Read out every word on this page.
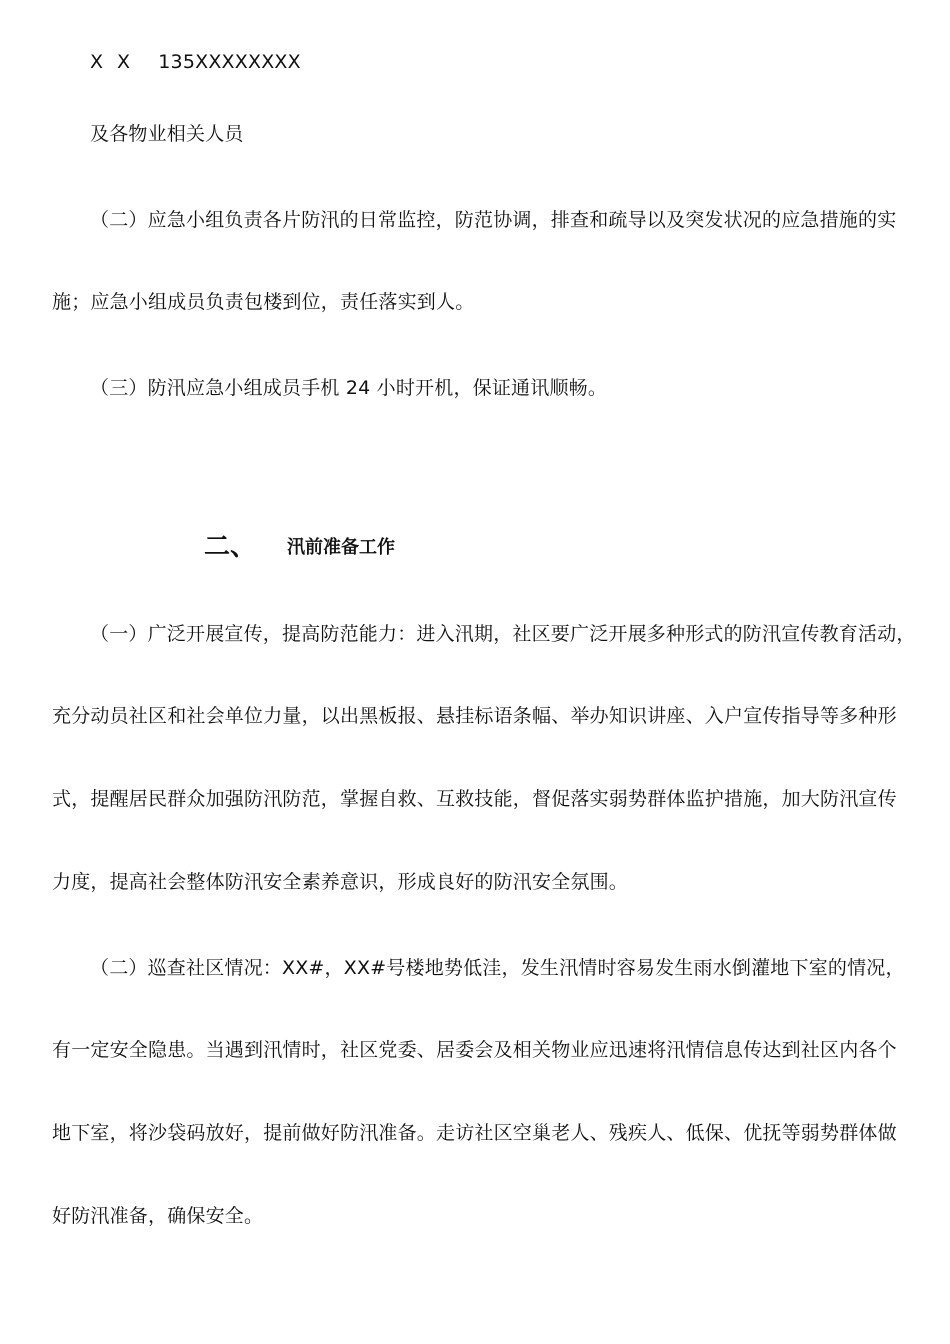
X X 135XXXXXXXX
及各物业相关人员
（二）应急小组负责各片防汛的日常监控，防范协调，排查和疏导以及突发状况的应急措施的实
施；应急小组成员负责包楼到位，责任落实到人。
（三）防汛应急小组成员手机 24 小时开机，保证通讯顺畅。
二、 汛前准备工作
（一）广泛开展宣传，提高防范能力：进入汛期，社区要广泛开展多种形式的防汛宣传教育活动，
充分动员社区和社会单位力量，以出黑板报、悬挂标语条幅、举办知识讲座、入户宣传指导等多种形
式，提醒居民群众加强防汛防范，掌握自救、互救技能，督促落实弱势群体监护措施，加大防汛宣传
力度，提高社会整体防汛安全素养意识，形成良好的防汛安全氛围。
（二）巡查社区情况：XX#，XX#号楼地势低洼，发生汛情时容易发生雨水倒灌地下室的情况，
有一定安全隐患。当遇到汛情时，社区党委、居委会及相关物业应迅速将汛情信息传达到社区内各个
地下室，将沙袋码放好，提前做好防汛准备。走访社区空巢老人、残疾人、低保、优抚等弱势群体做
好防汛准备，确保安全。
